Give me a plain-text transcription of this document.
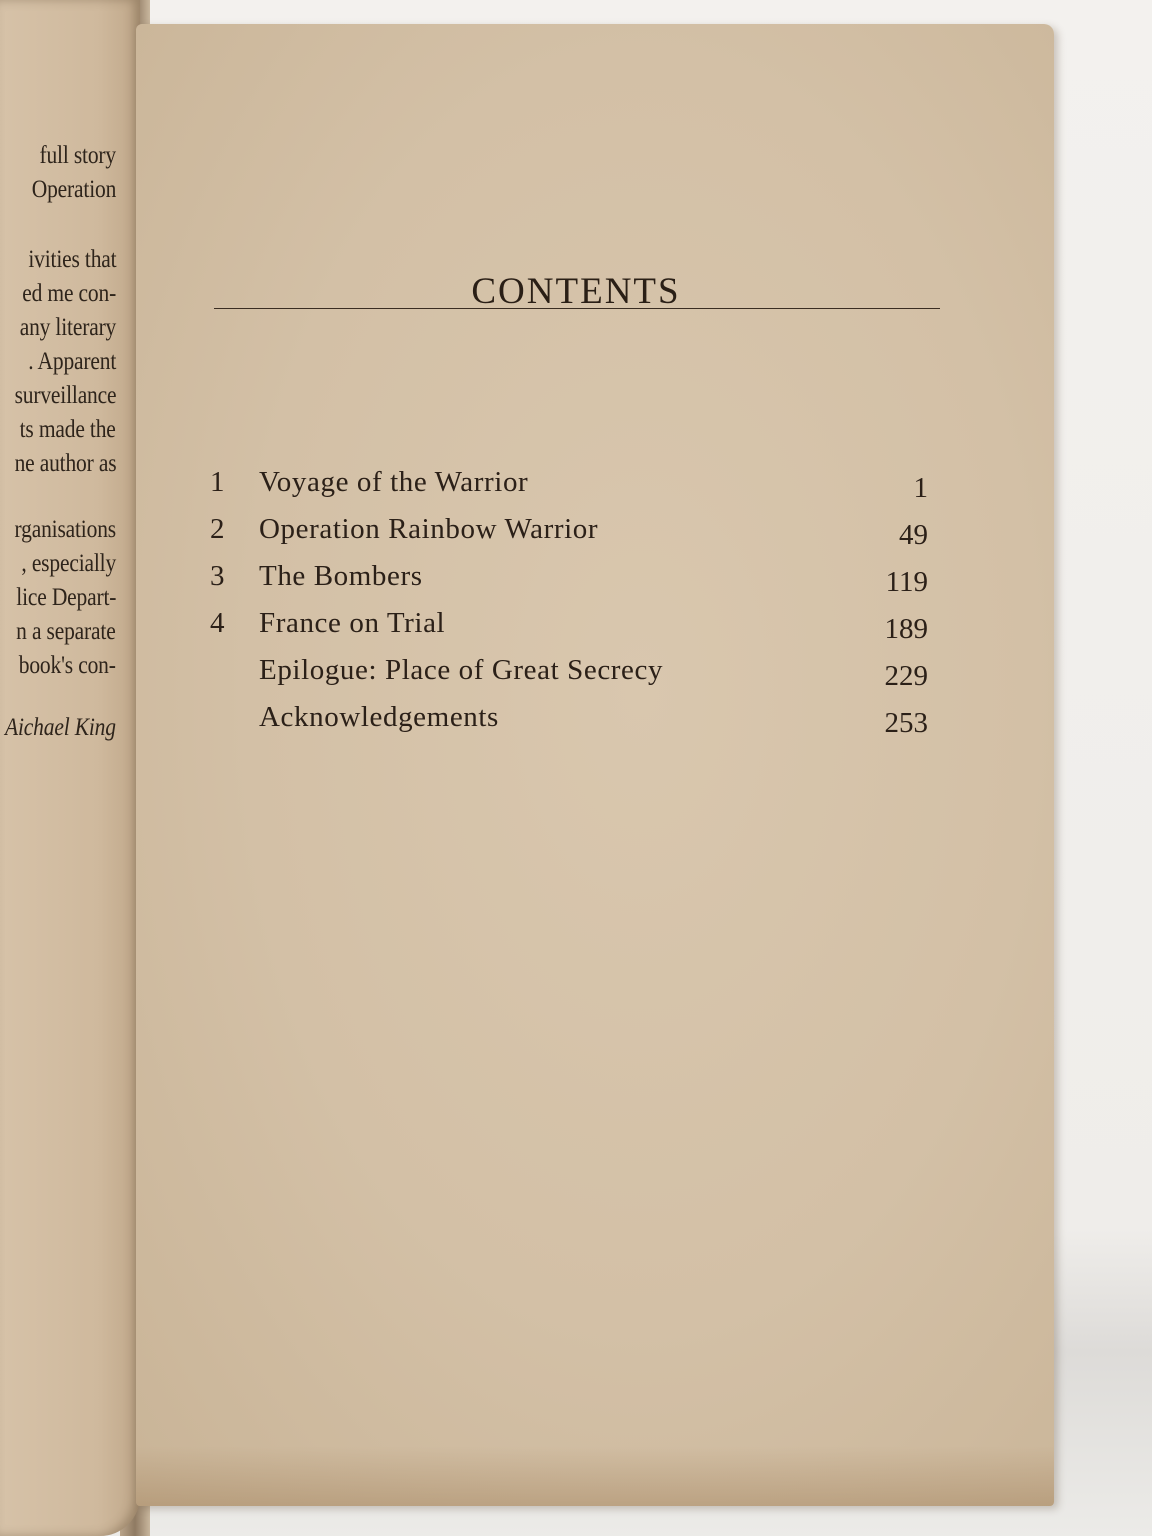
full story

Operation

ivities that

ed me con-

any literary

. Apparent

surveillance

ts made the

ne author as

rganisations

, especially

lice Depart-

n a separate

book's con-

Aichael King

CONTENTS
1 Voyage of the Warrior	1
2 Operation Rainbow Warrior	49
3 The Bombers	119
4 France on Trial	189
Epilogue: Place of Great Secrecy	229
Acknowledgements	253
